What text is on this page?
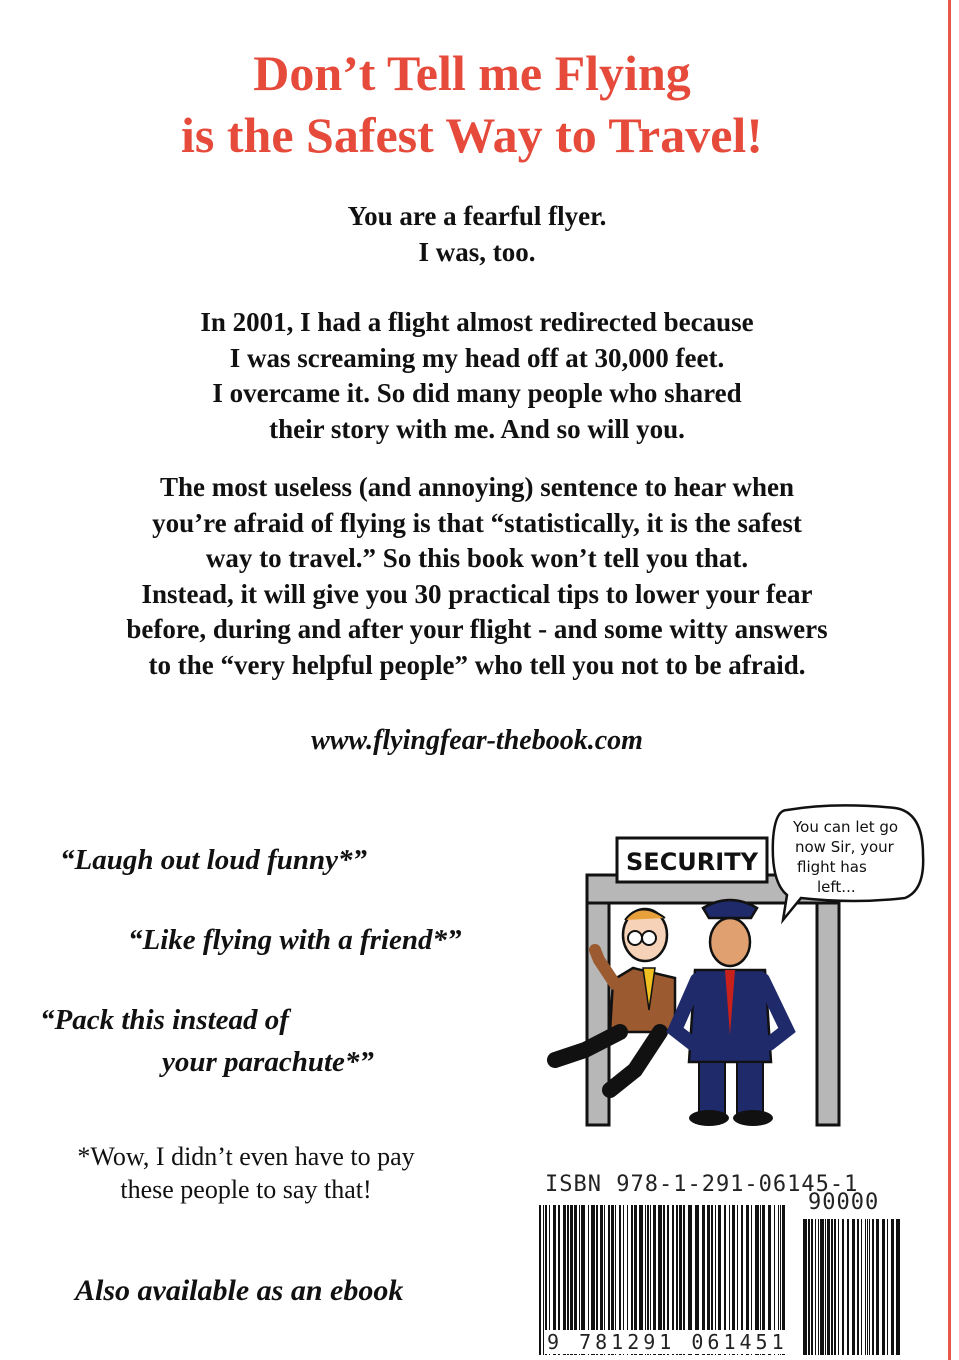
Don’t Tell me Flying
is the Safest Way to Travel!
You are a fearful flyer.
I was, too.
In 2001, I had a flight almost redirected because
I was screaming my head off at 30,000 feet.
I overcame it. So did many people who shared
their story with me. And so will you.
The most useless (and annoying) sentence to hear when
you’re afraid of flying is that “statistically, it is the safest
way to travel.” So this book won’t tell you that.
Instead, it will give you 30 practical tips to lower your fear
before, during and after your flight - and some witty answers
to the “very helpful people” who tell you not to be afraid.
www.flyingfear-thebook.com
“Laugh out loud funny*”
“Like flying with a friend*”
“Pack this instead of
your parachute*”
*Wow, I didn’t even have to pay
these people to say that!
Also available as an ebook
SECURITY
You can let go now Sir, your flight has left...
ISBN 978-1-291-06145-1
90000
9 781291 061451
